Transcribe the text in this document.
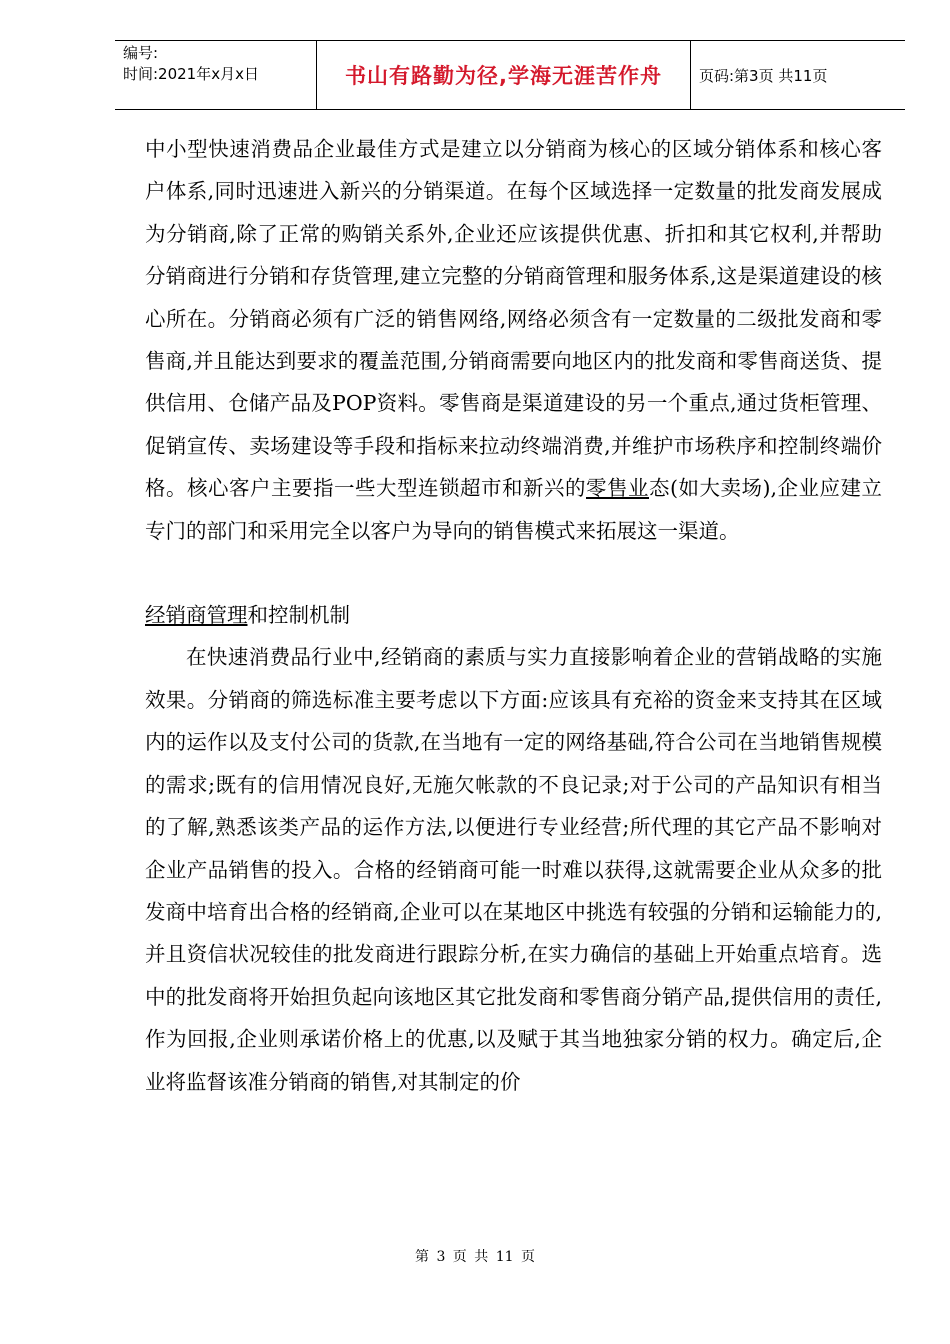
编号:
时间:2021年x月x日	书山有路勤为径,学海无涯苦作舟	页码:第3页 共11页

中小型快速消费品企业最佳方式是建立以分销商为核心的区域分销体系和核心客户体系,同时迅速进入新兴的分销渠道。在每个区域选择一定数量的批发商发展成为分销商,除了正常的购销关系外,企业还应该提供优惠、折扣和其它权利,并帮助分销商进行分销和存货管理,建立完整的分销商管理和服务体系,这是渠道建设的核心所在。分销商必须有广泛的销售网络,网络必须含有一定数量的二级批发商和零售商,并且能达到要求的覆盖范围,分销商需要向地区内的批发商和零售商送货、提供信用、仓储产品及POP资料。零售商是渠道建设的另一个重点,通过货柜管理、促销宣传、卖场建设等手段和指标来拉动终端消费,并维护市场秩序和控制终端价格。核心客户主要指一些大型连锁超市和新兴的零售业态(如大卖场),企业应建立专门的部门和采用完全以客户为导向的销售模式来拓展这一渠道。

经销商管理和控制机制

在快速消费品行业中,经销商的素质与实力直接影响着企业的营销战略的实施效果。分销商的筛选标准主要考虑以下方面:应该具有充裕的资金来支持其在区域内的运作以及支付公司的货款,在当地有一定的网络基础,符合公司在当地销售规模的需求;既有的信用情况良好,无施欠帐款的不良记录;对于公司的产品知识有相当的了解,熟悉该类产品的运作方法,以便进行专业经营;所代理的其它产品不影响对企业产品销售的投入。合格的经销商可能一时难以获得,这就需要企业从众多的批发商中培育出合格的经销商,企业可以在某地区中挑选有较强的分销和运输能力的,并且资信状况较佳的批发商进行跟踪分析,在实力确信的基础上开始重点培育。选中的批发商将开始担负起向该地区其它批发商和零售商分销产品,提供信用的责任,作为回报,企业则承诺价格上的优惠,以及赋于其当地独家分销的权力。确定后,企业将监督该准分销商的销售,对其制定的价

第 3 页 共 11 页
